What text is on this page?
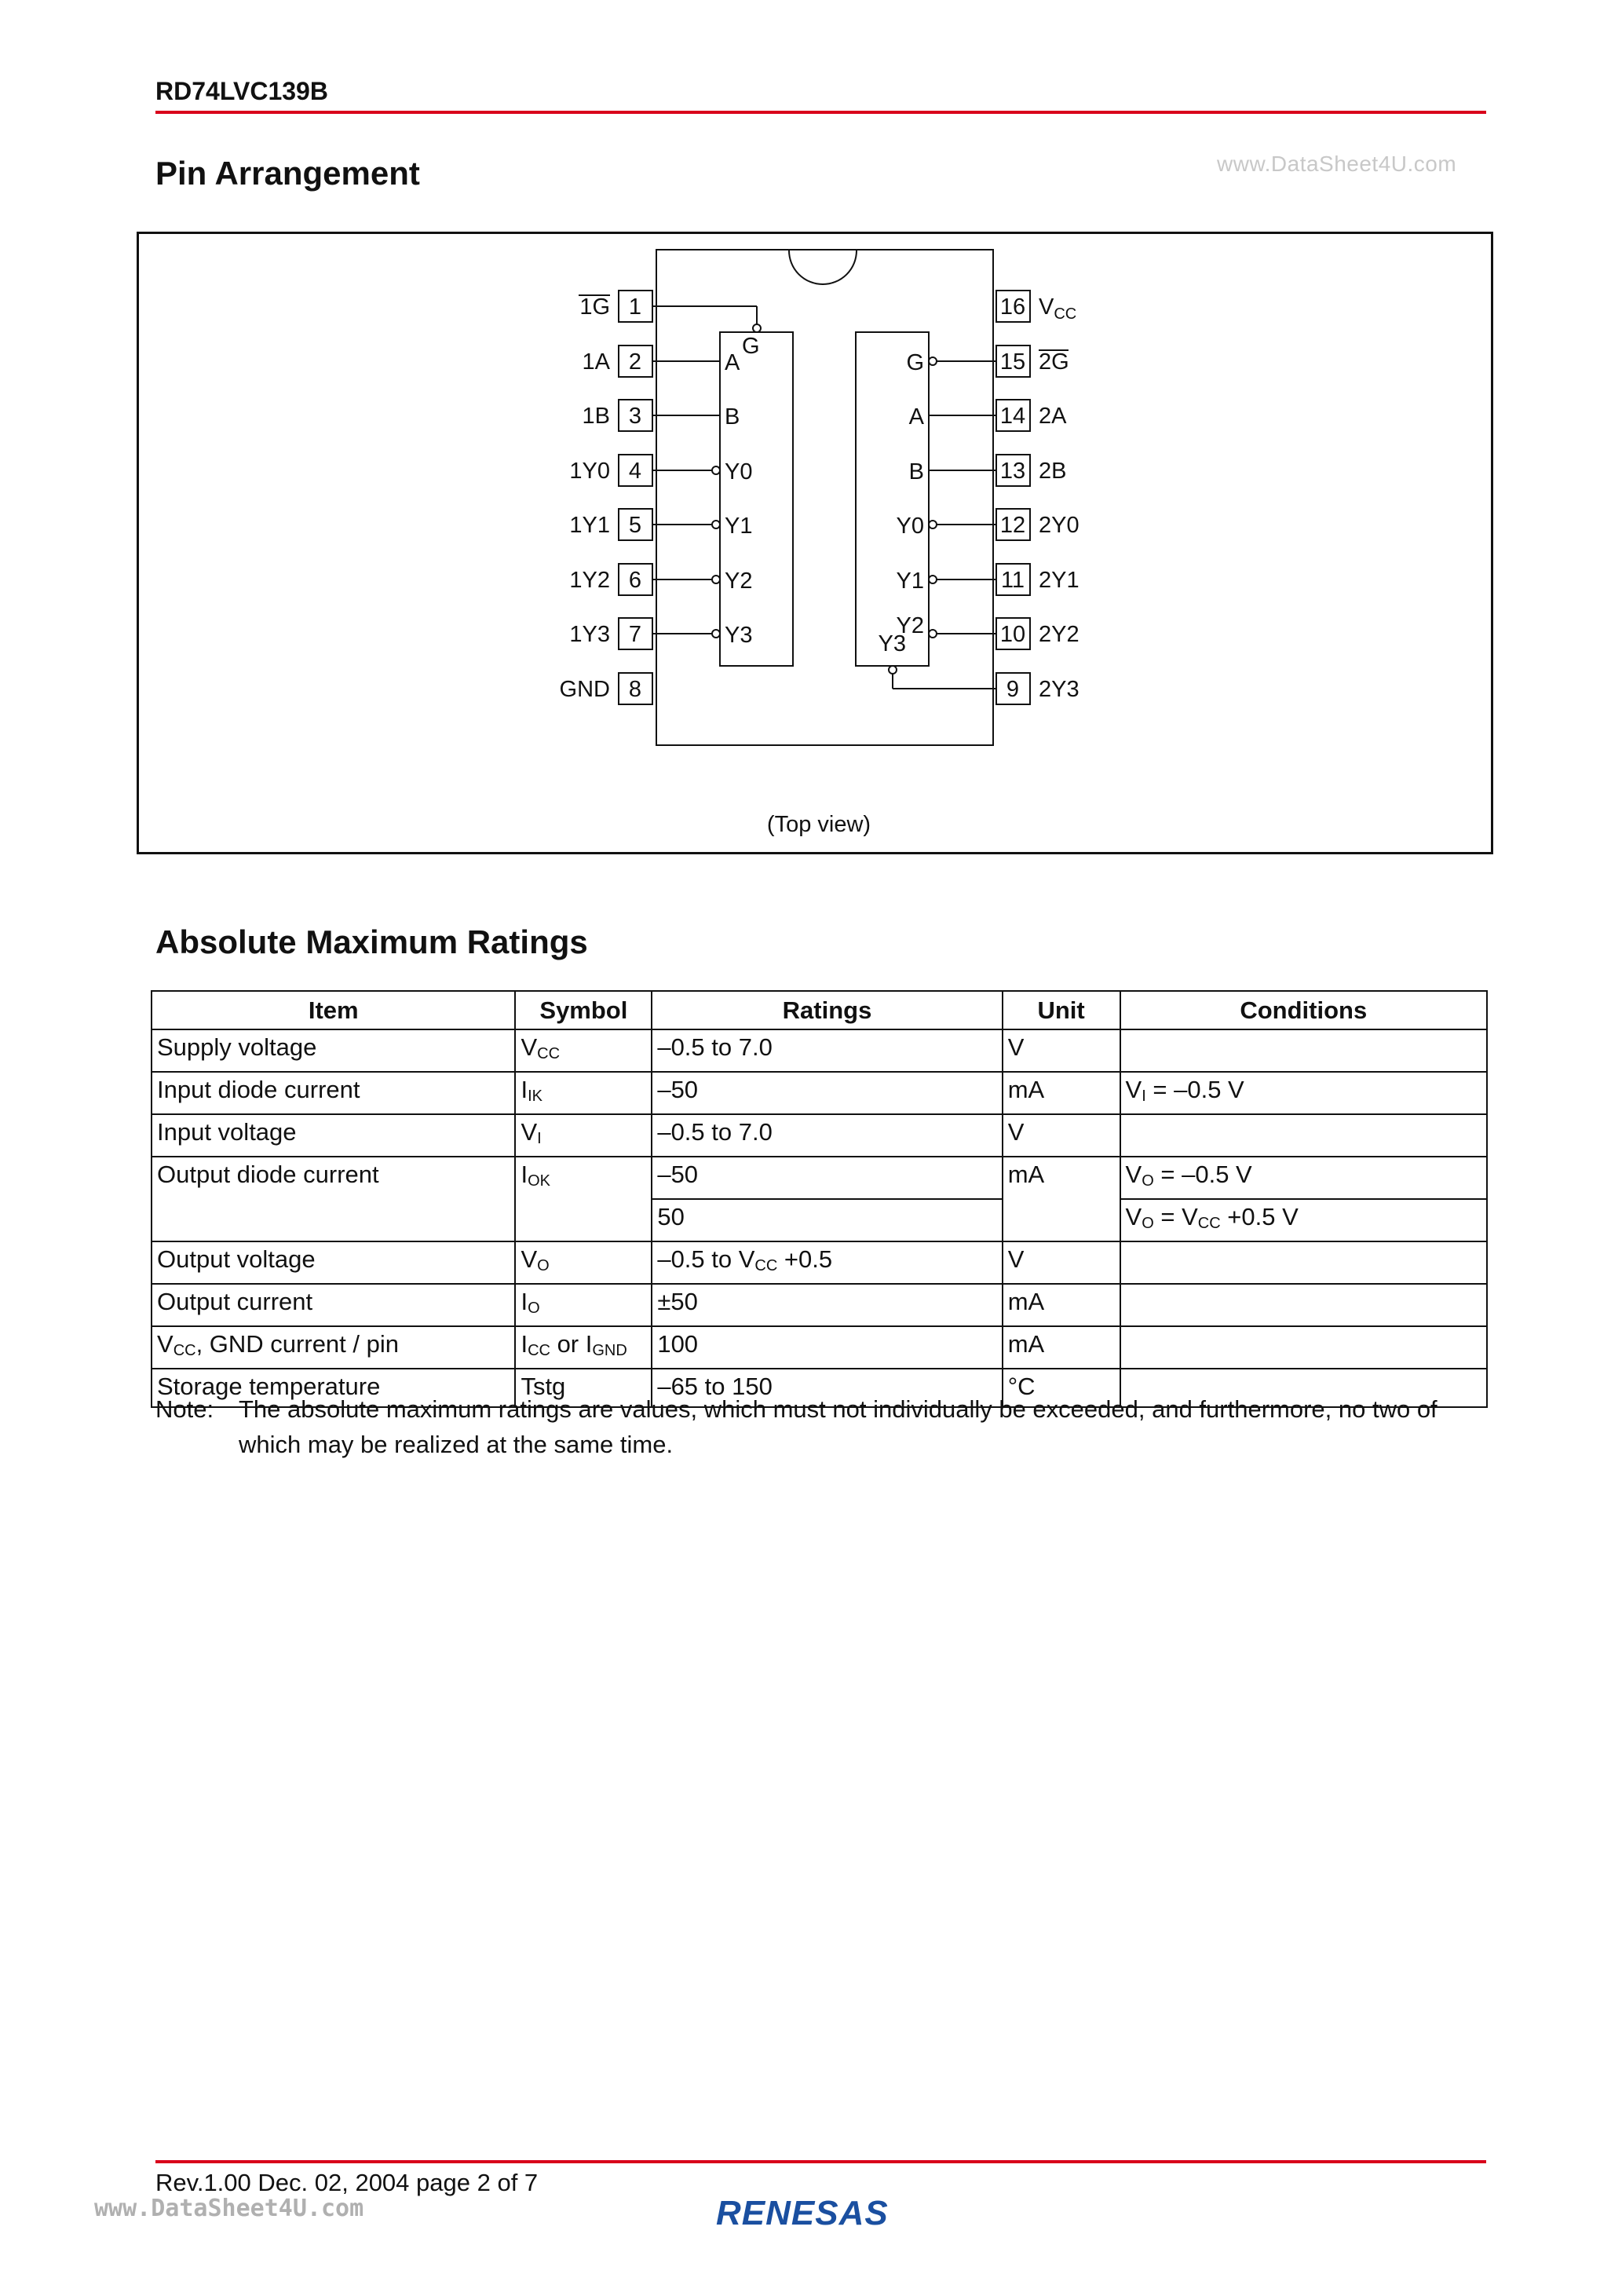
RD74LVC139B
www.DataSheet4U.com
Pin Arrangement
1
1G
2
1A
3
1B
4
1Y0
5
1Y1
6
1Y2
7
1Y3
8
GND
16 $V_{CC}$
15 2G
14 2A
13 2B
12 2Y0
11 2Y1
10 2Y2
9 2Y3
G
A
B
Y0
Y1
Y2
Y3
G
A
B
Y0
Y1
Y2
Y3
(Top view)
Absolute Maximum Ratings
Item	Symbol	Ratings	Unit	Conditions
Supply voltage	$V_{CC}$	–0.5 to 7.0	V	
Input diode current	$I_{IK}$	–50	mA	$V_I = -0.5$ V
Input voltage	$V_I$	–0.5 to 7.0	V	
Output diode current	$I_{OK}$	–50	mA	$V_O = -0.5$ V
		50		$V_O = V_{CC} +0.5$ V
Output voltage	$V_O$	–0.5 to $V_{CC} +0.5$	V	
Output current	$I_O$	±50	mA	
$V_{CC}$, GND current / pin	$I_{CC}$ or $I_{GND}$	100	mA	
Storage temperature	Tstg	–65 to 150	°C	
Note: The absolute maximum ratings are values, which must not individually be exceeded, and furthermore, no two of which may be realized at the same time.
Rev.1.00 Dec. 02, 2004 page 2 of 7
www.DataSheet4U.com	RENESAS
